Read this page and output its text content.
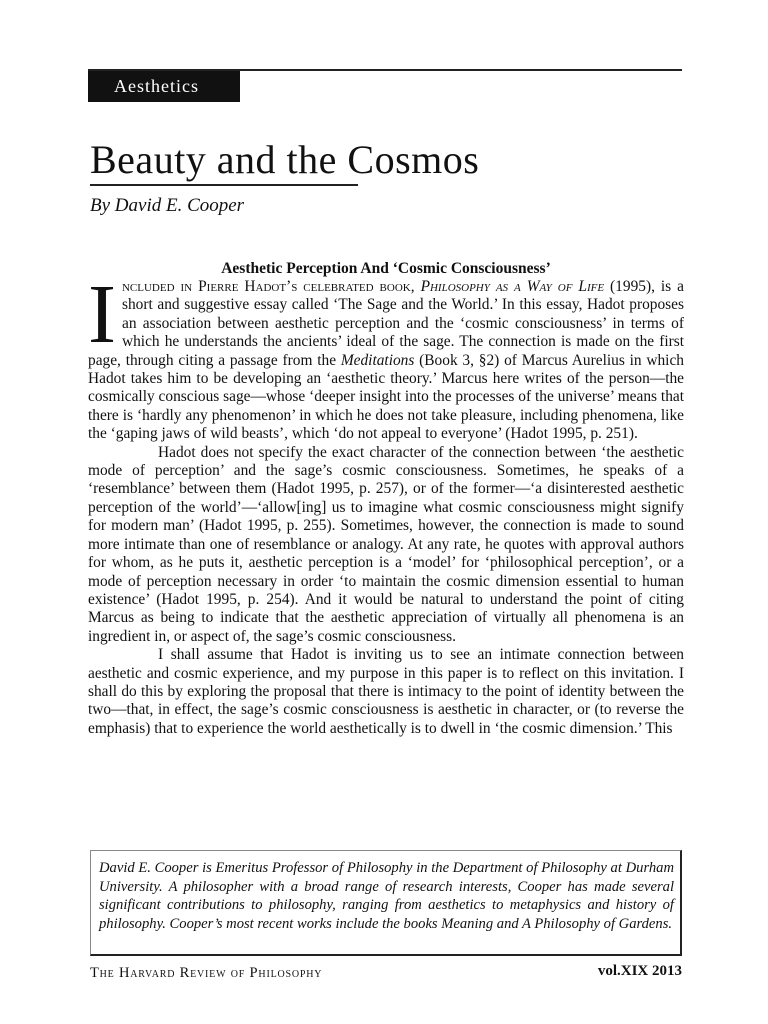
Aesthetics
Beauty and the Cosmos
By David E. Cooper
Aesthetic Perception And ‘Cosmic Consciousness’

Included in Pierre Hadot’s celebrated book, Philosophy as a Way of Life (1995), is a short and suggestive essay called ‘The Sage and the World.’ In this essay, Hadot proposes an association between aesthetic perception and the ‘cosmic consciousness’ in terms of which he understands the ancients’ ideal of the sage. The connection is made on the first page, through citing a passage from the Meditations (Book 3, §2) of Marcus Aurelius in which Hadot takes him to be developing an ‘aesthetic theory.’ Marcus here writes of the person—the cosmically conscious sage—whose ‘deeper insight into the processes of the universe’ means that there is ‘hardly any phenomenon’ in which he does not take pleasure, including phenomena, like the ‘gaping jaws of wild beasts’, which ‘do not appeal to everyone’ (Hadot 1995, p. 251).

Hadot does not specify the exact character of the connection between ‘the aesthetic mode of perception’ and the sage’s cosmic consciousness. Sometimes, he speaks of a ‘resemblance’ between them (Hadot 1995, p. 257), or of the former—‘a disinterested aesthetic perception of the world’—‘allow[ing] us to imagine what cosmic consciousness might signify for modern man’ (Hadot 1995, p. 255). Sometimes, however, the connection is made to sound more intimate than one of resemblance or analogy. At any rate, he quotes with approval authors for whom, as he puts it, aesthetic perception is a ‘model’ for ‘philosophical perception’, or a mode of perception necessary in order ‘to maintain the cosmic dimension essential to human existence’ (Hadot 1995, p. 254). And it would be natural to understand the point of citing Marcus as being to indicate that the aesthetic appreciation of virtually all phenomena is an ingredient in, or aspect of, the sage’s cosmic consciousness.

I shall assume that Hadot is inviting us to see an intimate connection between aesthetic and cosmic experience, and my purpose in this paper is to reflect on this invitation. I shall do this by exploring the proposal that there is intimacy to the point of identity between the two—that, in effect, the sage’s cosmic consciousness is aesthetic in character, or (to reverse the emphasis) that to experience the world aesthetically is to dwell in ‘the cosmic dimension.’ This

David E. Cooper is Emeritus Professor of Philosophy in the Department of Philosophy at Durham University. A philosopher with a broad range of research interests, Cooper has made several significant contributions to philosophy, ranging from aesthetics to metaphysics and history of philosophy. Cooper’s most recent works include the books Meaning and A Philosophy of Gardens.

The Harvard Review of Philosophy	vol.XIX 2013
